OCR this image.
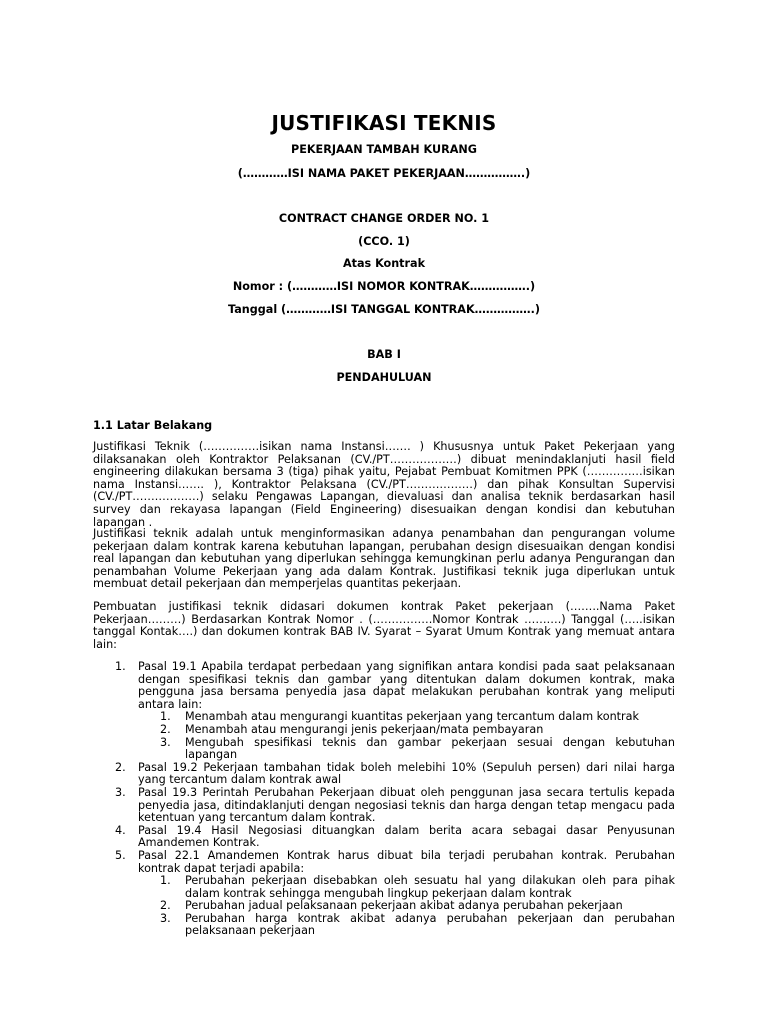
JUSTIFIKASI TEKNIS
PEKERJAAN TAMBAH KURANG
(…………ISI NAMA PAKET PEKERJAAN…………….)
CONTRACT CHANGE ORDER NO. 1
(CCO. 1)
Atas Kontrak
Nomor : (…………ISI NOMOR KONTRAK…………….)
Tanggal (…………ISI TANGGAL KONTRAK…………….)
BAB I
PENDAHULUAN
1.1 Latar Belakang

Justifikasi Teknik (……………isikan nama Instansi……. ) Khususnya untuk Paket Pekerjaan yang dilaksanakan oleh Kontraktor Pelaksanan (CV./PT………………) dibuat menindaklanjuti hasil field engineering dilakukan bersama 3 (tiga) pihak yaitu, Pejabat Pembuat Komitmen PPK (……………isikan nama Instansi……. ), Kontraktor Pelaksana (CV./PT………………) dan pihak Konsultan Supervisi (CV./PT………………) selaku Pengawas Lapangan, dievaluasi dan analisa teknik berdasarkan hasil survey dan rekayasa lapangan (Field Engineering) disesuaikan dengan kondisi dan kebutuhan lapangan .

Justifikasi teknik adalah untuk menginformasikan adanya penambahan dan pengurangan volume pekerjaan dalam kontrak karena kebutuhan lapangan, perubahan design disesuaikan dengan kondisi real lapangan dan kebutuhan yang diperlukan sehingga kemungkinan perlu adanya Pengurangan dan penambahan Volume Pekerjaan yang ada dalam Kontrak. Justifikasi teknik juga diperlukan untuk membuat detail pekerjaan dan memperjelas quantitas pekerjaan.

Pembuatan justifikasi teknik didasari dokumen kontrak Paket pekerjaan (……..Nama Paket Pekerjaan………) Berdasarkan Kontrak Nomor . (…………….Nomor Kontrak ……….) Tanggal (…..isikan tanggal Kontak….) dan dokumen kontrak BAB IV. Syarat – Syarat Umum Kontrak yang memuat antara lain:

1. Pasal 19.1 Apabila terdapat perbedaan yang signifikan antara kondisi pada saat pelaksanaan dengan spesifikasi teknis dan gambar yang ditentukan dalam dokumen kontrak, maka pengguna jasa bersama penyedia jasa dapat melakukan perubahan kontrak yang meliputi antara lain:
1. Menambah atau mengurangi kuantitas pekerjaan yang tercantum dalam kontrak
2. Menambah atau mengurangi jenis pekerjaan/mata pembayaran
3. Mengubah spesifikasi teknis dan gambar pekerjaan sesuai dengan kebutuhan lapangan
2. Pasal 19.2 Pekerjaan tambahan tidak boleh melebihi 10% (Sepuluh persen) dari nilai harga yang tercantum dalam kontrak awal
3. Pasal 19.3 Perintah Perubahan Pekerjaan dibuat oleh penggunan jasa secara tertulis kepada penyedia jasa, ditindaklanjuti dengan negosiasi teknis dan harga dengan tetap mengacu pada ketentuan yang tercantum dalam kontrak.
4. Pasal 19.4 Hasil Negosiasi dituangkan dalam berita acara sebagai dasar Penyusunan Amandemen Kontrak.
5. Pasal 22.1 Amandemen Kontrak harus dibuat bila terjadi perubahan kontrak. Perubahan kontrak dapat terjadi apabila:
1. Perubahan pekerjaan disebabkan oleh sesuatu hal yang dilakukan oleh para pihak dalam kontrak sehingga mengubah lingkup pekerjaan dalam kontrak
2. Perubahan jadual pelaksanaan pekerjaan akibat adanya perubahan pekerjaan
3. Perubahan harga kontrak akibat adanya perubahan pekerjaan dan perubahan pelaksanaan pekerjaan
